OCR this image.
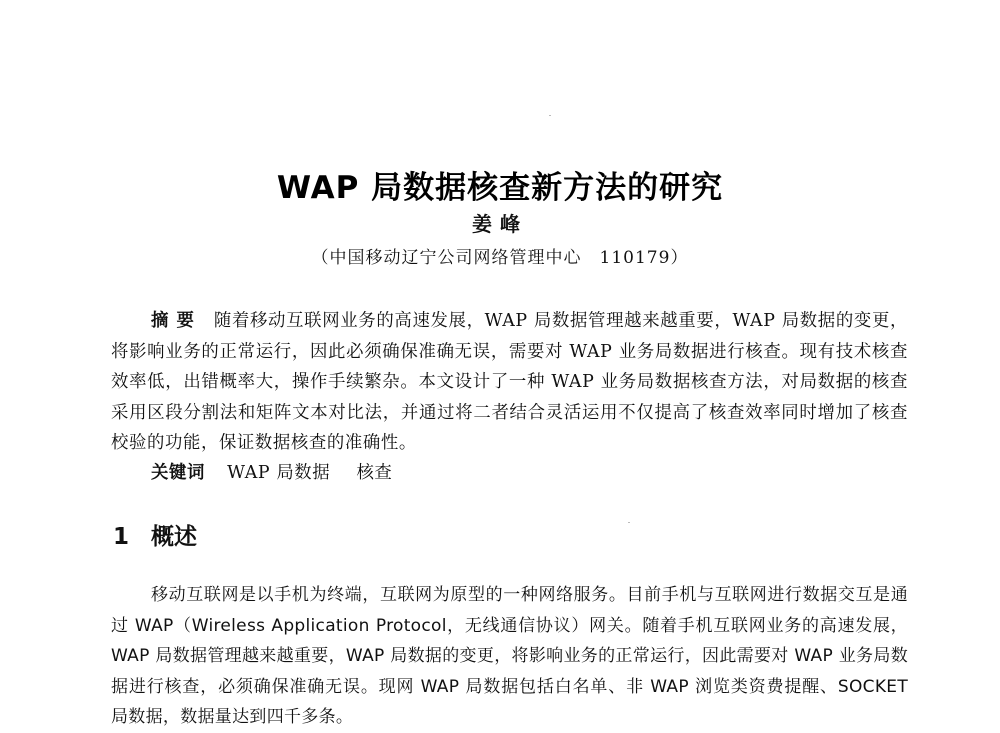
WAP 局数据核查新方法的研究
姜峰
（中国移动辽宁公司网络管理中心　110179）

摘要 随着移动互联网业务的高速发展，WAP 局数据管理越来越重要，WAP 局数据的变更，将影响业务的正常运行，因此必须确保准确无误，需要对 WAP 业务局数据进行核查。现有技术核查效率低，出错概率大，操作手续繁杂。本文设计了一种 WAP 业务局数据核查方法，对局数据的核查采用区段分割法和矩阵文本对比法，并通过将二者结合灵活运用不仅提高了核查效率同时增加了核查校验的功能，保证数据核查的准确性。

关键词 WAP 局数据 核查
1 概述

移动互联网是以手机为终端，互联网为原型的一种网络服务。目前手机与互联网进行数据交互是通过 WAP（Wireless Application Protocol，无线通信协议）网关。随着手机互联网业务的高速发展，WAP 局数据管理越来越重要，WAP 局数据的变更，将影响业务的正常运行，因此需要对 WAP 业务局数据进行核查，必须确保准确无误。现网 WAP 局数据包括白名单、非 WAP 浏览类资费提醒、SOCKET 局数据，数据量达到四千多条。
